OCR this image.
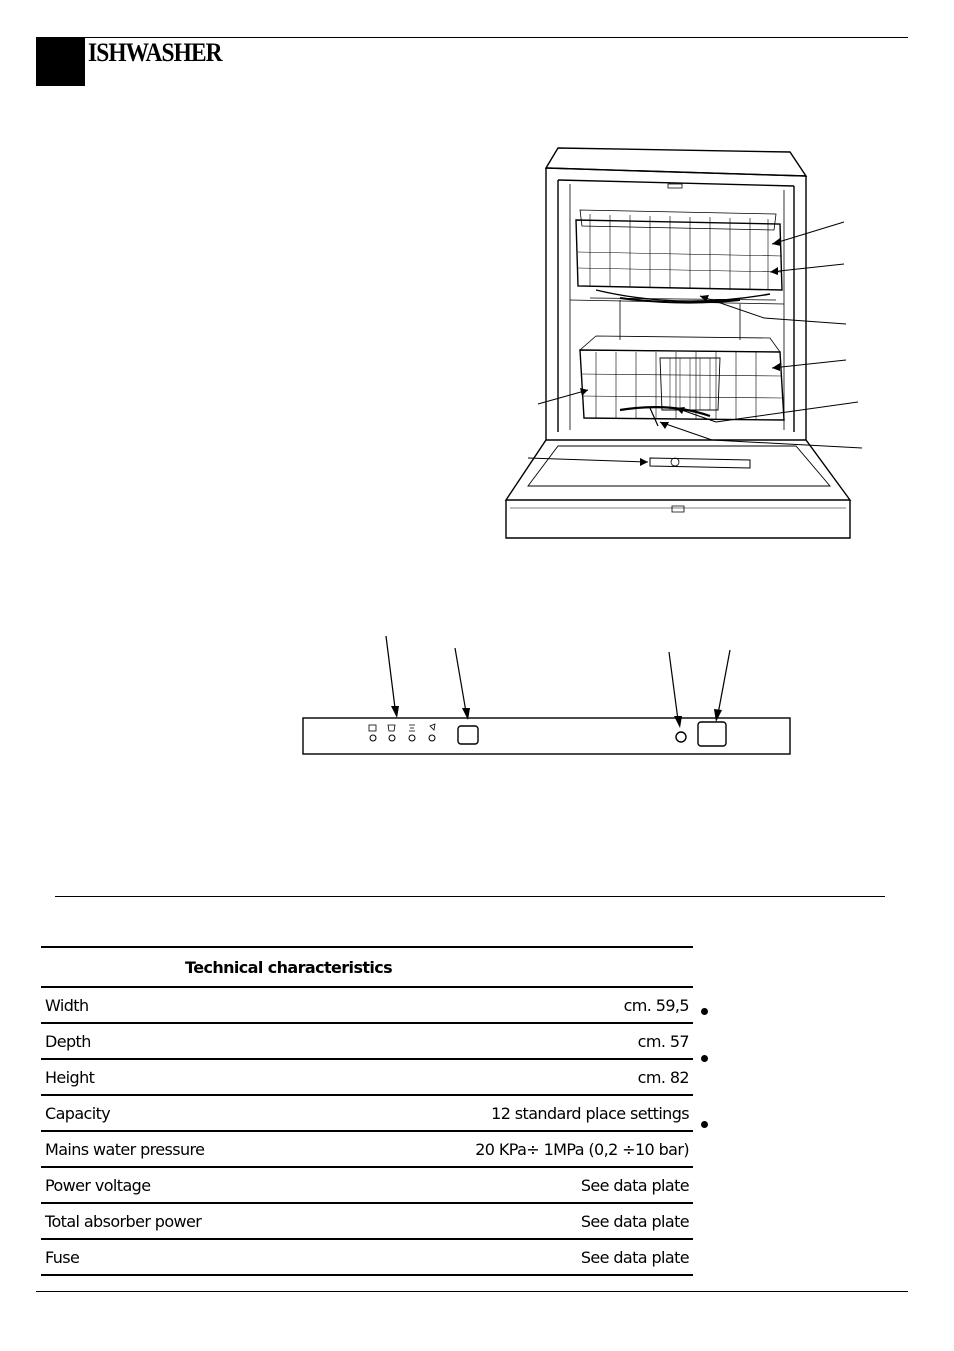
ISHWASHER
Technical characteristics	
Width	cm. 59,5
Depth	cm. 57
Height	cm. 82
Capacity	12 standard place settings
Mains water pressure	20 KPa÷ 1MPa (0,2 ÷10 bar)
Power voltage	See data plate
Total absorber power	See data plate
Fuse	See data plate
